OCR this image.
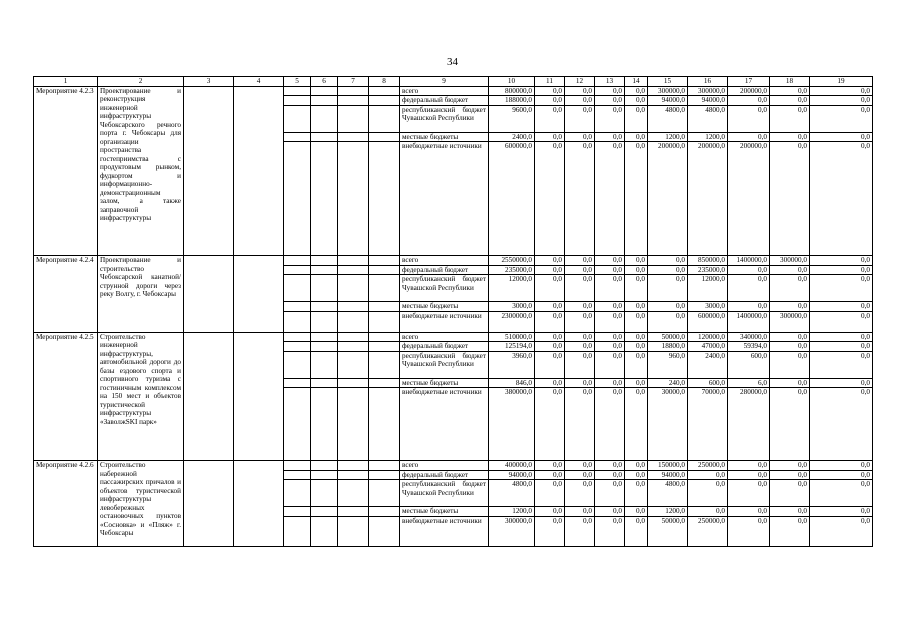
34
1	2	3	4	5	6	7	8	9	10	11	12	13	14	15	16	17	18	19
Мероприятие 4.2.3	Проектирование и реконструкция инженерной инфраструктуры Чебоксарского речного порта г. Чебоксары для организации пространства гостеприимства с продуктовым рынком, фудкортом и информационно-демонстрационным залом, а также заправочной инфраструктуры							всего	800000,0	0,0	0,0	0,0	0,0	300000,0	300000,0	200000,0	0,0	0,0
								федеральный бюджет	188000,0	0,0	0,0	0,0	0,0	94000,0	94000,0	0,0	0,0	0,0
								республиканский бюджет Чувашской Республики	9600,0	0,0	0,0	0,0	0,0	4800,0	4800,0	0,0	0,0	0,0
								местные бюджеты	2400,0	0,0	0,0	0,0	0,0	1200,0	1200,0	0,0	0,0	0,0
								внебюджетные источники	600000,0	0,0	0,0	0,0	0,0	200000,0	200000,0	200000,0	0,0	0,0
Мероприятие 4.2.4	Проектирование и строительство Чебоксарской канатной/струнной дороги через реку Волгу, г. Чебоксары							всего	2550000,0	0,0	0,0	0,0	0,0	0,0	850000,0	1400000,0	300000,0	0,0
								федеральный бюджет	235000,0	0,0	0,0	0,0	0,0	0,0	235000,0	0,0	0,0	0,0
								республиканский бюджет Чувашской Республики	12000,0	0,0	0,0	0,0	0,0	0,0	12000,0	0,0	0,0	0,0
								местные бюджеты	3000,0	0,0	0,0	0,0	0,0	0,0	3000,0	0,0	0,0	0,0
								внебюджетные источники	2300000,0	0,0	0,0	0,0	0,0	0,0	600000,0	1400000,0	300000,0	0,0
Мероприятие 4.2.5	Строительство инженерной инфраструктуры, автомобильной дороги до базы ездового спорта и спортивного туризма с гостиничным комплексом на 150 мест и объектов туристической инфраструктуры «ЗаволжSKI парк»							всего	510000,0	0,0	0,0	0,0	0,0	50000,0	120000,0	340000,0	0,0	0,0
								федеральный бюджет	125194,0	0,0	0,0	0,0	0,0	18800,0	47000,0	59394,0	0,0	0,0
								республиканский бюджет Чувашской Республики	3960,0	0,0	0,0	0,0	0,0	960,0	2400,0	600,0	0,0	0,0
								местные бюджеты	846,0	0,0	0,0	0,0	0,0	240,0	600,0	6,0	0,0	0,0
								внебюджетные источники	380000,0	0,0	0,0	0,0	0,0	30000,0	70000,0	280000,0	0,0	0,0
Мероприятие 4.2.6	Строительство набережной пассажирских причалов и объектов туристической инфраструктуры левобережных остановочных пунктов «Сосновка» и «Пляж» г. Чебоксары							всего	400000,0	0,0	0,0	0,0	0,0	150000,0	250000,0	0,0	0,0	0,0
								федеральный бюджет	94000,0	0,0	0,0	0,0	0,0	94000,0	0,0	0,0	0,0	0,0
								республиканский бюджет Чувашской Республики	4800,0	0,0	0,0	0,0	0,0	4800,0	0,0	0,0	0,0	0,0
								местные бюджеты	1200,0	0,0	0,0	0,0	0,0	1200,0	0,0	0,0	0,0	0,0
								внебюджетные источники	300000,0	0,0	0,0	0,0	0,0	50000,0	250000,0	0,0	0,0	0,0
